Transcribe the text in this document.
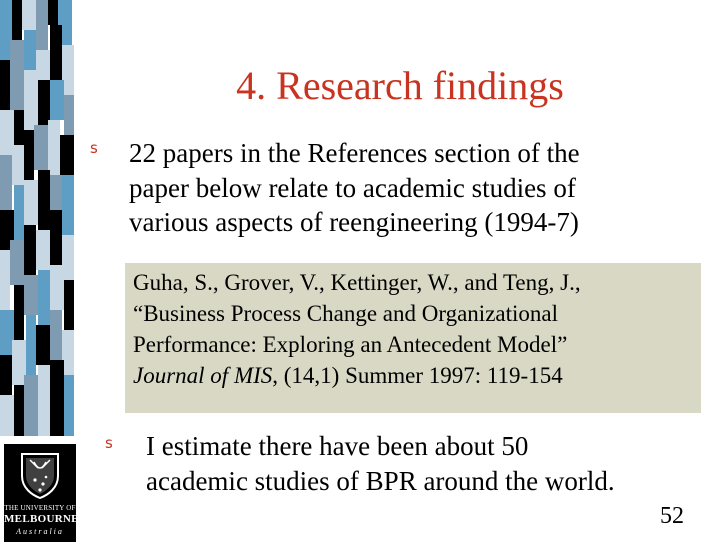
THE UNIVERSITY OF
MELBOURNE
Australia
4. Research findings
s 22 papers in the References section of the
paper below relate to academic studies of
various aspects of reengineering (1994-7)
Guha, S., Grover, V., Kettinger, W., and Teng, J.,
“Business Process Change and Organizational
Performance: Exploring an Antecedent Model”
Journal of MIS, (14,1) Summer 1997: 119-154
s I estimate there have been about 50
academic studies of BPR around the world.
52
